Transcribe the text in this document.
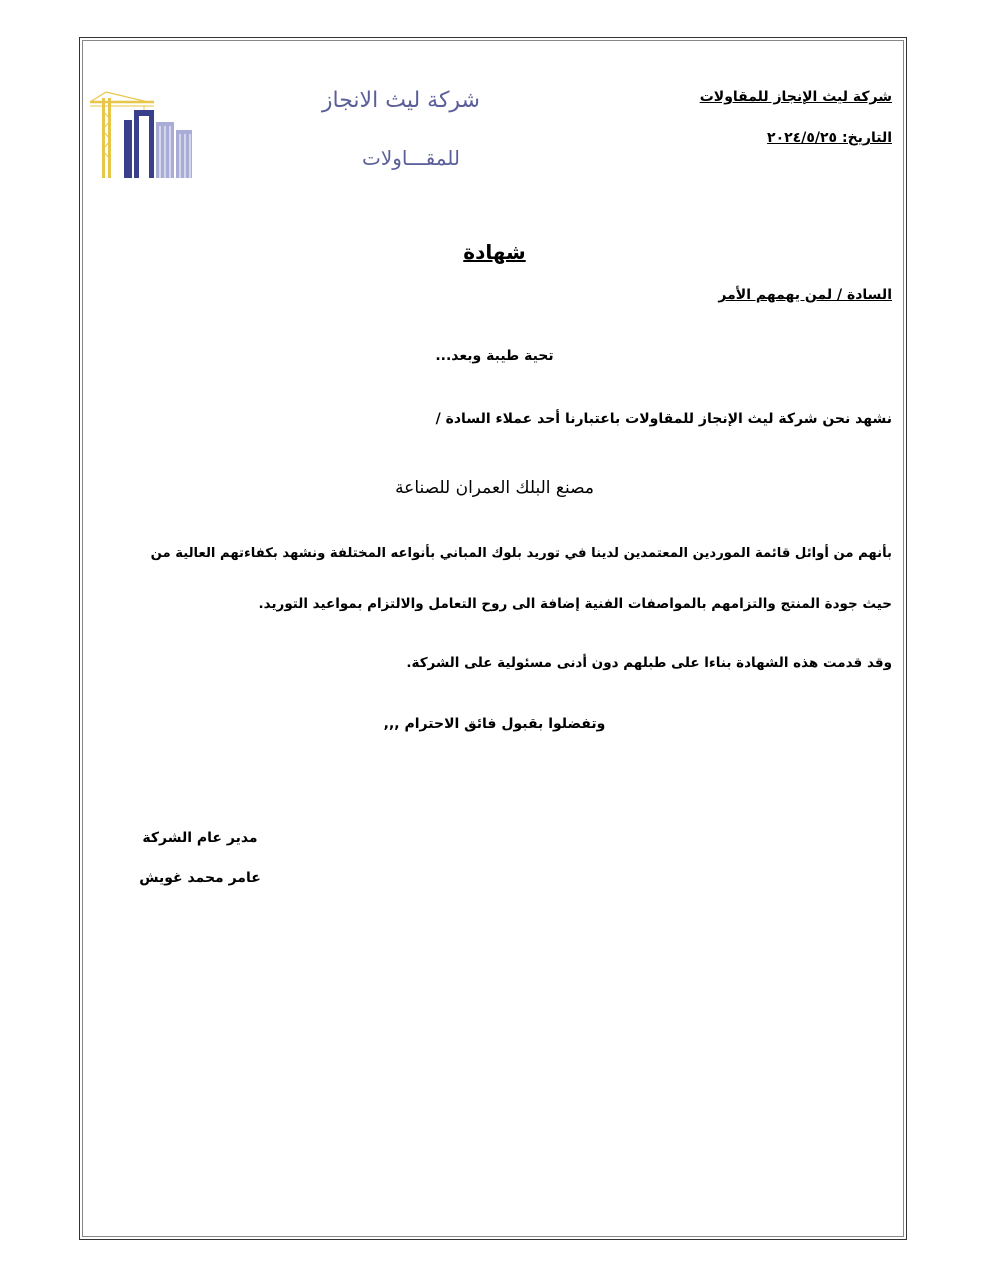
شركة ليث الإنجاز للمقاولات
التاريخ: ٢٠٢٤/٥/٢٥
شركة ليث الانجاز
للمقـــاولات
شهادة
السادة / لمن يهمهم الأمر
تحية طيبة وبعد...
نشهد نحن شركة ليث الإنجاز للمقاولات باعتبارنا أحد عملاء السادة /
مصنع البلك العمران للصناعة
بأنهم من أوائل قائمة الموردين المعتمدين لدينا في توريد بلوك المباني بأنواعه المختلفة ونشهد بكفاءتهم العالية من
حيث جودة المنتج والتزامهم بالمواصفات الفنية إضافة الى روح التعامل والالتزام بمواعيد التوريد.
وقد قدمت هذه الشهادة بناءا على طبلهم دون أدنى مسئولية على الشركة.
وتفضلوا بقبول فائق الاحترام ,,,
مدير عام الشركة
عامر محمد غويش
